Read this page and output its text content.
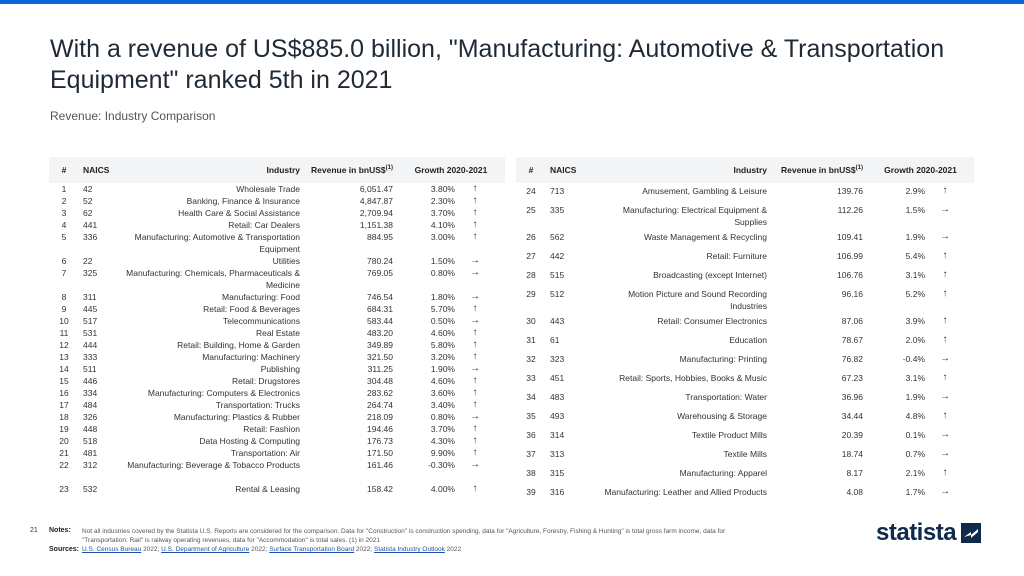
With a revenue of US$885.0 billion, "Manufacturing: Automotive & Transportation Equipment" ranked 5th in 2021
Revenue: Industry Comparison
#	NAICS	Industry	Revenue in bnUS\$$^{(1)}$	Growth 2020-2021
1	42	Wholesale Trade	6,051.47	3.80% ↑

2	52	Banking, Finance & Insurance	4,847.87	2.30% ↑

3	62	Health Care & Social Assistance	2,709.94	3.70% ↑

4	441	Retail: Car Dealers	1,151.38	4.10% ↑

5	336	Manufacturing: Automotive & Transportation Equipment	884.95	3.00% ↑

6	22	Utilities	780.24	1.50% →

7	325	Manufacturing: Chemicals, Pharmaceuticals & Medicine	769.05	0.80% →

8	311	Manufacturing: Food	746.54	1.80% →

9	445	Retail: Food & Beverages	684.31	5.70% ↑

10	517	Telecommunications	583.44	0.50% →

11	531	Real Estate	483.20	4.60% ↑

12	444	Retail: Building, Home & Garden	349.89	5.80% ↑

13	333	Manufacturing: Machinery	321.50	3.20% ↑

14	511	Publishing	311.25	1.90% →

15	446	Retail: Drugstores	304.48	4.60% ↑

16	334	Manufacturing: Computers & Electronics	283.62	3.60% ↑

17	484	Transportation: Trucks	264.74	3.40% ↑

18	326	Manufacturing: Plastics & Rubber	218.09	0.80% →

19	448	Retail: Fashion	194.46	3.70% ↑

20	518	Data Hosting & Computing	176.73	4.30% ↑

21	481	Transportation: Air	171.50	9.90% ↑

22	312	Manufacturing: Beverage & Tobacco Products	161.46	-0.30% →

23	532	Rental & Leasing	158.42	4.00% ↑
#	NAICS	Industry	Revenue in bnUS\$$^{(1)}$	Growth 2020-2021
24	713	Amusement, Gambling & Leisure	139.76	2.9% ↑

25	335	Manufacturing: Electrical Equipment & Supplies	112.26	1.5% →

26	562	Waste Management & Recycling	109.41	1.9% →

27	442	Retail: Furniture	106.99	5.4% ↑

28	515	Broadcasting (except Internet)	106.76	3.1% ↑

29	512	Motion Picture and Sound Recording Industries	96.16	5.2% ↑

30	443	Retail: Consumer Electronics	87.06	3.9% ↑

31	61	Education	78.67	2.0% ↑

32	323	Manufacturing: Printing	76.82	-0.4% →

33	451	Retail: Sports, Hobbies, Books & Music	67.23	3.1% ↑

34	483	Transportation: Water	36.96	1.9% →

35	493	Warehousing & Storage	34.44	4.8% ↑

36	314	Textile Product Mills	20.39	0.1% →

37	313	Textile Mills	18.74	0.7% →

38	315	Manufacturing: Apparel	8.17	2.1% ↑

39	316	Manufacturing: Leather and Allied Products	4.08	1.7% →
21 Notes: Not all industries covered by the Statista U.S. Reports are considered for the comparison. Data for "Construction" is construction spending, data for "Agriculture, Forestry, Fishing & Hunting" is total gross farm income, data for "Transportation: Rail" is railway operating revenues, data for "Accommodation" is total sales. (1) in 2021
Sources: U.S. Census Bureau 2022; U.S. Department of Agriculture 2022; Surface Transportation Board 2022; Statista Industry Outlook 2022
statista
